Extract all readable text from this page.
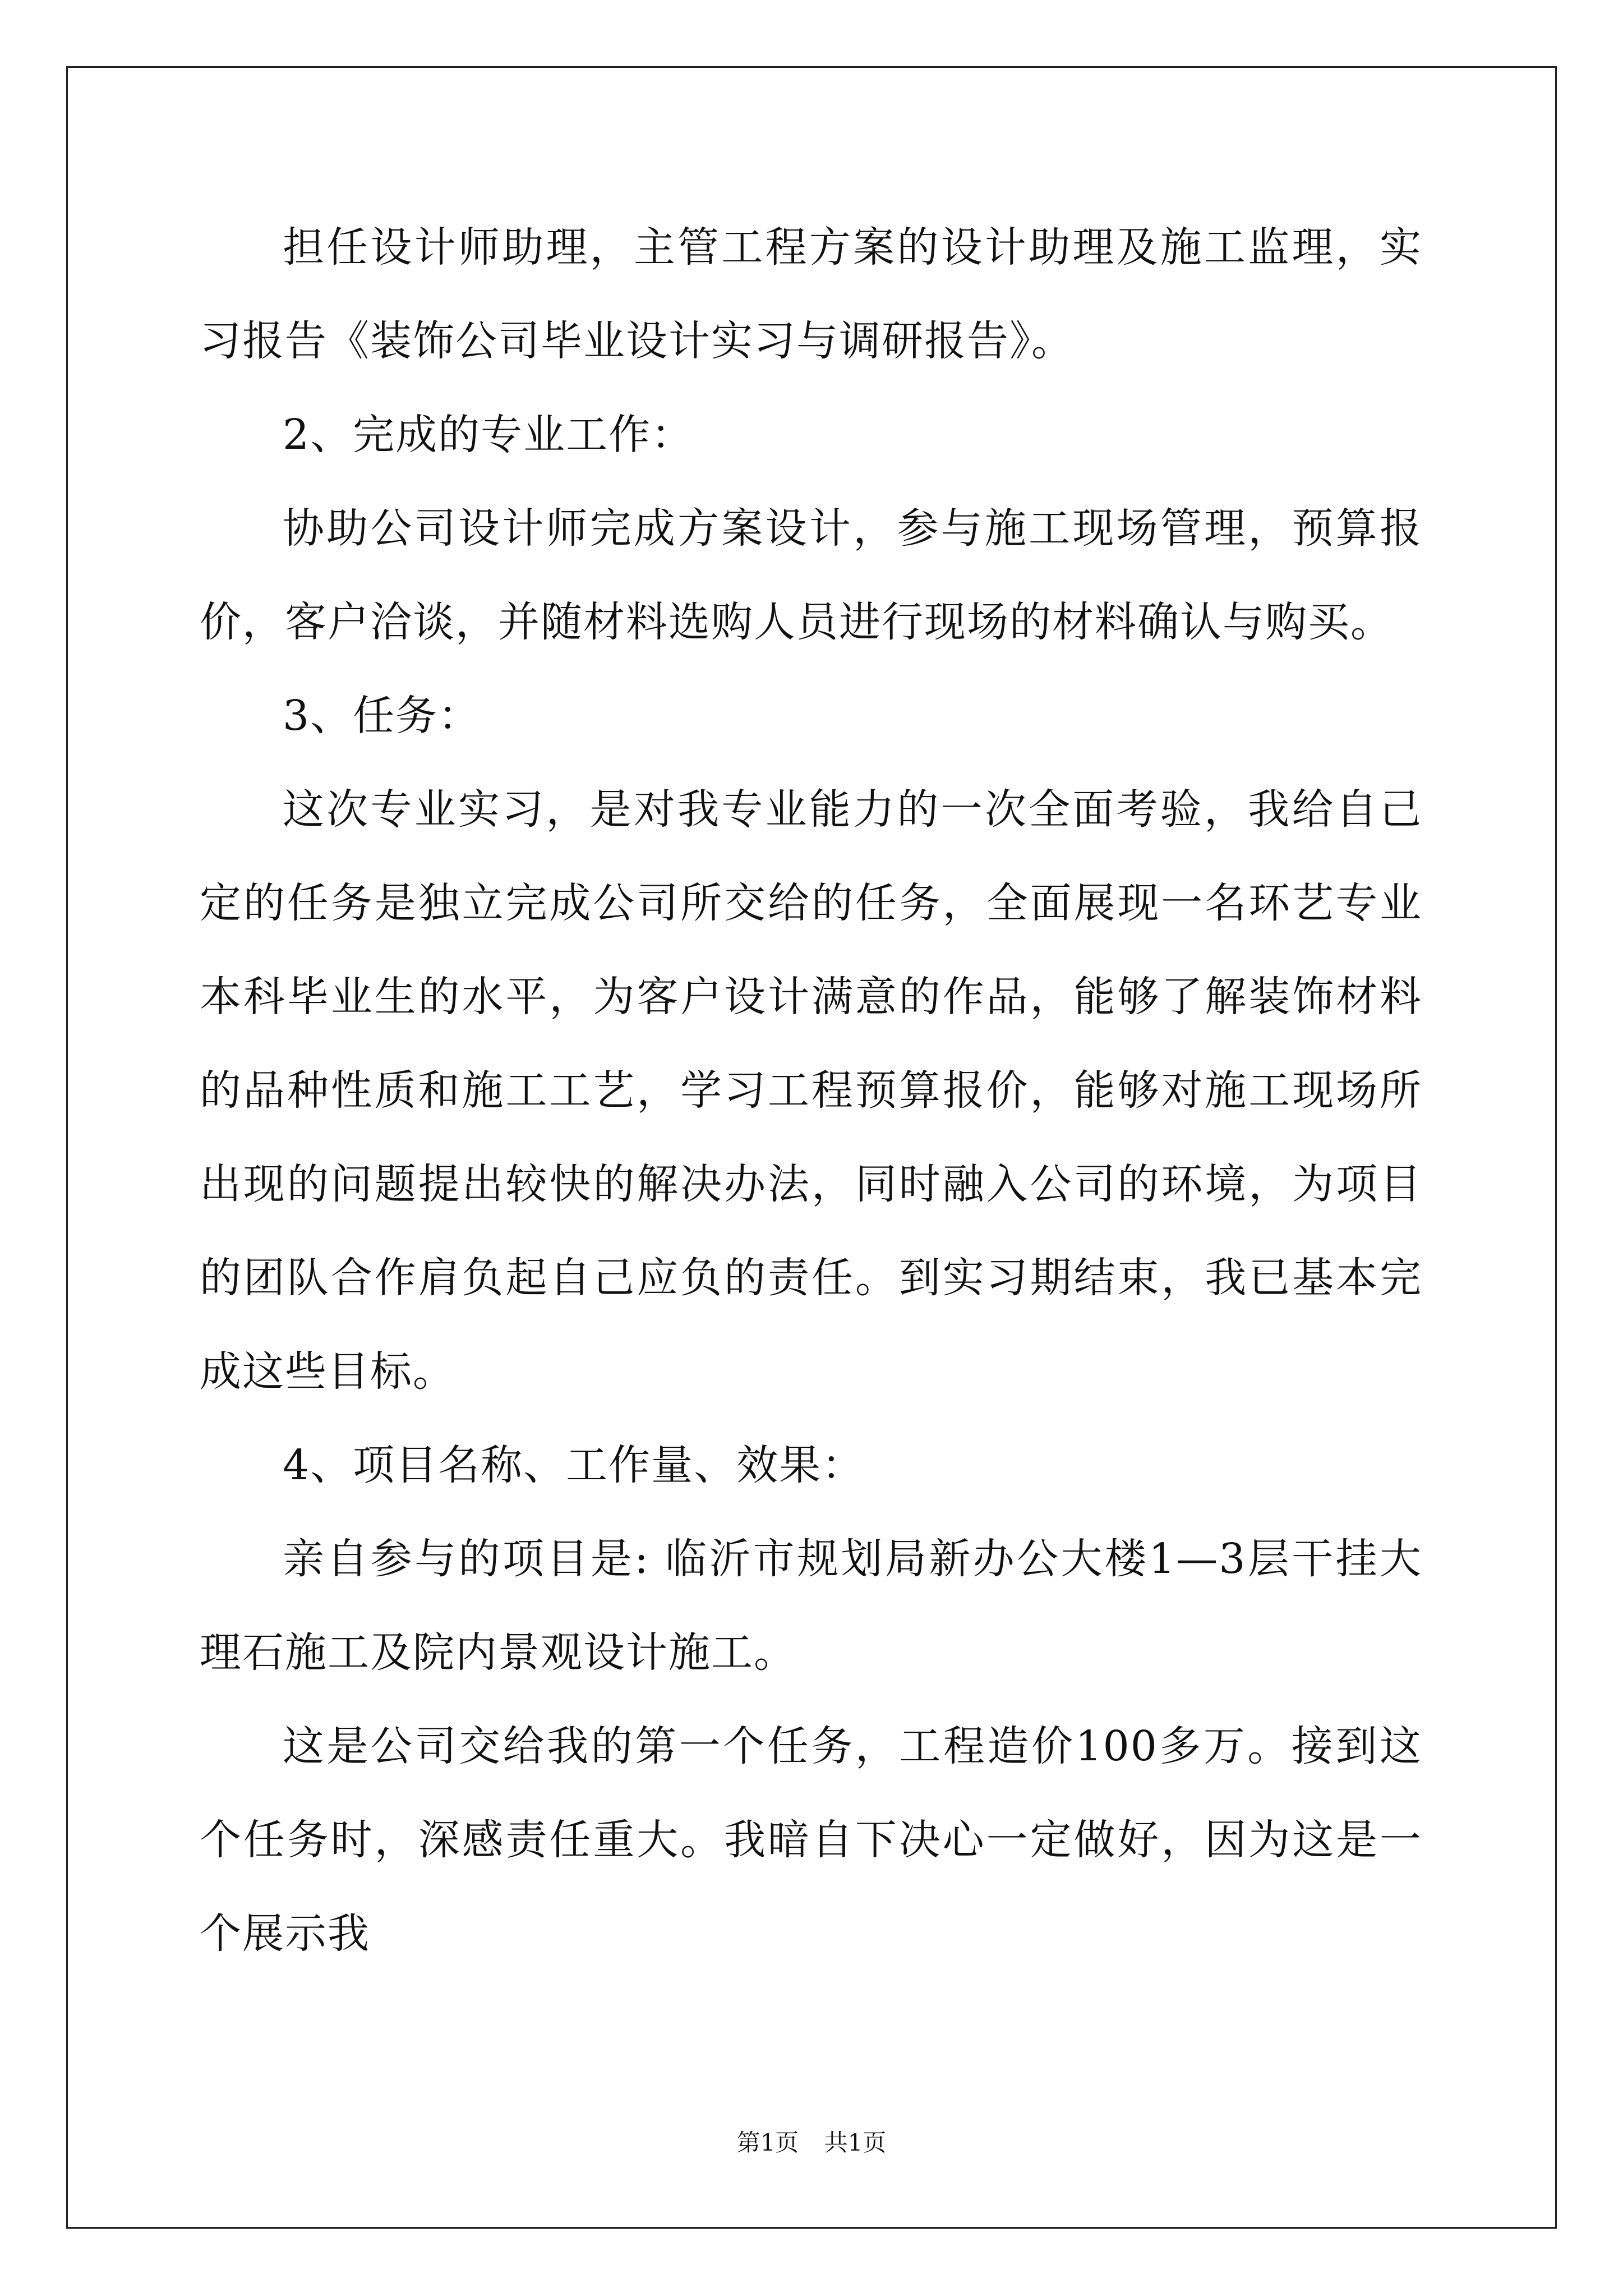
担任设计师助理，主管工程方案的设计助理及施工监理，实习报告《装饰公司毕业设计实习与调研报告》。

2、完成的专业工作：

协助公司设计师完成方案设计，参与施工现场管理，预算报价，客户洽谈，并随材料选购人员进行现场的材料确认与购买。

3、任务：

这次专业实习，是对我专业能力的一次全面考验，我给自己定的任务是独立完成公司所交给的任务，全面展现一名环艺专业本科毕业生的水平，为客户设计满意的作品，能够了解装饰材料的品种性质和施工工艺，学习工程预算报价，能够对施工现场所出现的问题提出较快的解决办法，同时融入公司的环境，为项目的团队合作肩负起自己应负的责任。到实习期结束，我已基本完成这些目标。

4、项目名称、工作量、效果：

亲自参与的项目是: 临沂市规划局新办公大楼1—3层干挂大理石施工及院内景观设计施工。

这是公司交给我的第一个任务，工程造价100多万。接到这个任务时，深感责任重大。我暗自下决心一定做好，因为这是一个展示我

第1页 共1页
